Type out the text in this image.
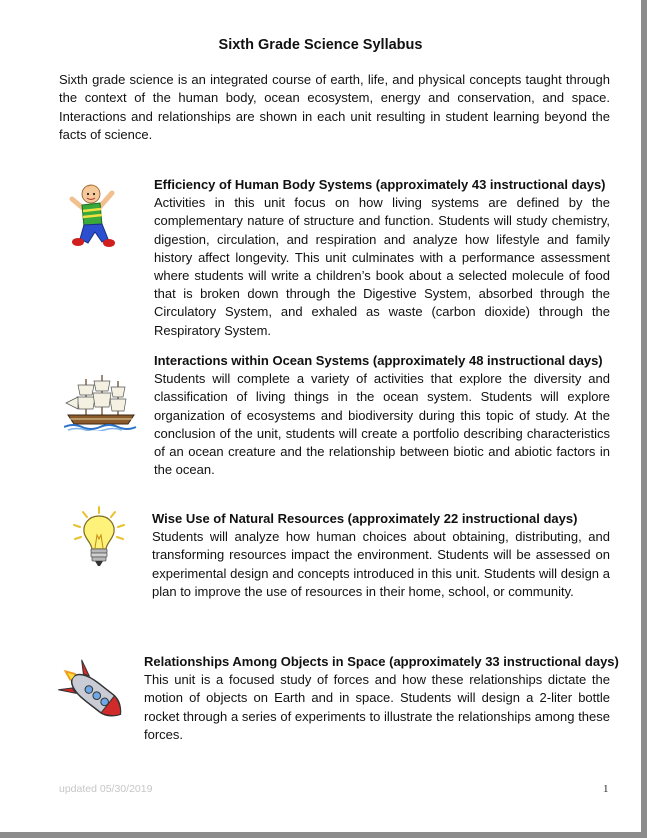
Sixth Grade Science Syllabus
Sixth grade science is an integrated course of earth, life, and physical concepts taught through the context of the human body, ocean ecosystem, energy and conservation, and space. Interactions and relationships are shown in each unit resulting in student learning beyond the facts of science.
Efficiency of Human Body Systems (approximately 43 instructional days)
Activities in this unit focus on how living systems are defined by the complementary nature of structure and function. Students will study chemistry, digestion, circulation, and respiration and analyze how lifestyle and family history affect longevity. This unit culminates with a performance assessment where students will write a children’s book about a selected molecule of food that is broken down through the Digestive System, absorbed through the Circulatory System, and exhaled as waste (carbon dioxide) through the Respiratory System.
Interactions within Ocean Systems (approximately 48 instructional days)
Students will complete a variety of activities that explore the diversity and classification of living things in the ocean system. Students will explore organization of ecosystems and biodiversity during this topic of study. At the conclusion of the unit, students will create a portfolio describing characteristics of an ocean creature and the relationship between biotic and abiotic factors in the ocean.
Wise Use of Natural Resources (approximately 22 instructional days)
Students will analyze how human choices about obtaining, distributing, and transforming resources impact the environment. Students will be assessed on experimental design and concepts introduced in this unit. Students will design a plan to improve the use of resources in their home, school, or community.
Relationships Among Objects in Space (approximately 33 instructional days)
This unit is a focused study of forces and how these relationships dictate the motion of objects on Earth and in space. Students will design a 2-liter bottle rocket through a series of experiments to illustrate the relationships among these forces.
updated 05/30/2019	1
